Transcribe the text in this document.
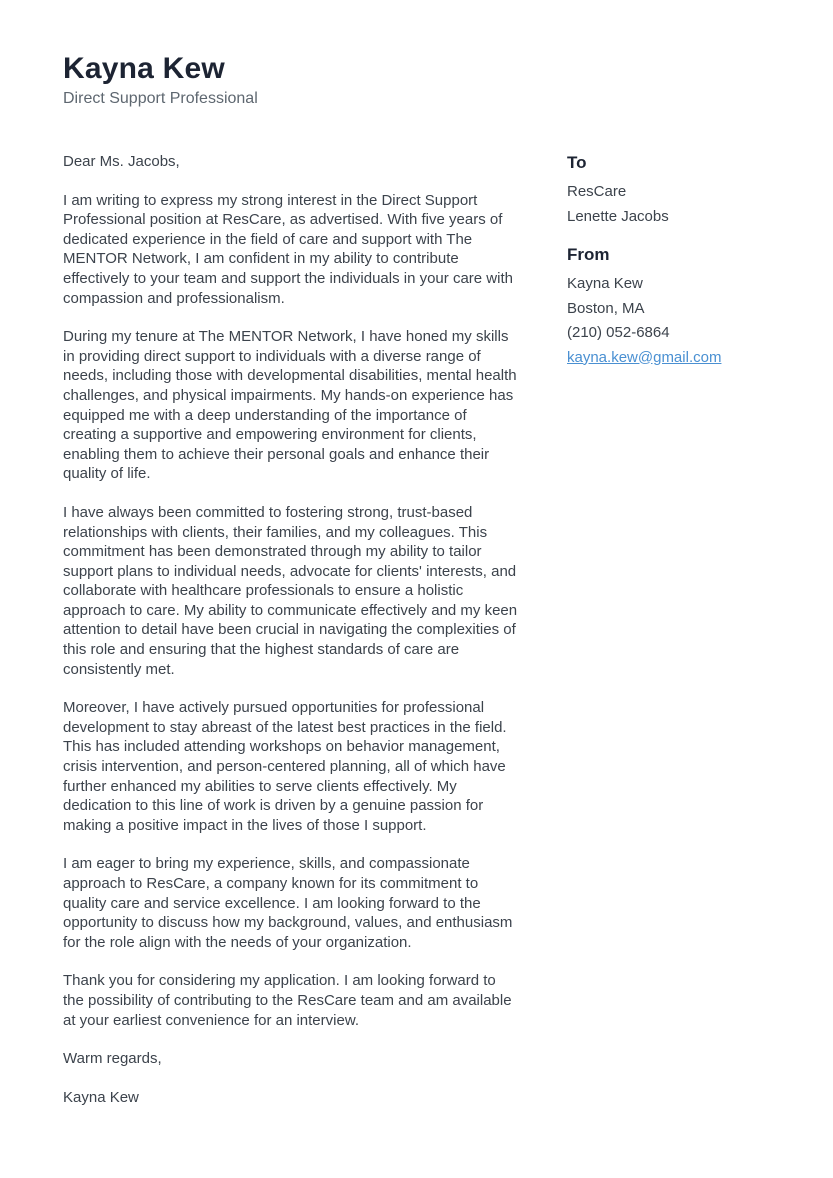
Kayna Kew
Direct Support Professional

Dear Ms. Jacobs,

I am writing to express my strong interest in the Direct Support Professional position at ResCare, as advertised. With five years of dedicated experience in the field of care and support with The MENTOR Network, I am confident in my ability to contribute effectively to your team and support the individuals in your care with compassion and professionalism.

During my tenure at The MENTOR Network, I have honed my skills in providing direct support to individuals with a diverse range of needs, including those with developmental disabilities, mental health challenges, and physical impairments. My hands-on experience has equipped me with a deep understanding of the importance of creating a supportive and empowering environment for clients, enabling them to achieve their personal goals and enhance their quality of life.

I have always been committed to fostering strong, trust-based relationships with clients, their families, and my colleagues. This commitment has been demonstrated through my ability to tailor support plans to individual needs, advocate for clients' interests, and collaborate with healthcare professionals to ensure a holistic approach to care. My ability to communicate effectively and my keen attention to detail have been crucial in navigating the complexities of this role and ensuring that the highest standards of care are consistently met.

Moreover, I have actively pursued opportunities for professional development to stay abreast of the latest best practices in the field. This has included attending workshops on behavior management, crisis intervention, and person-centered planning, all of which have further enhanced my abilities to serve clients effectively. My dedication to this line of work is driven by a genuine passion for making a positive impact in the lives of those I support.

I am eager to bring my experience, skills, and compassionate approach to ResCare, a company known for its commitment to quality care and service excellence. I am looking forward to the opportunity to discuss how my background, values, and enthusiasm for the role align with the needs of your organization.

Thank you for considering my application. I am looking forward to the possibility of contributing to the ResCare team and am available at your earliest convenience for an interview.

Warm regards,

Kayna Kew

To
ResCare
Lenette Jacobs
From
Kayna Kew
Boston, MA
(210) 052-6864
kayna.kew@gmail.com
